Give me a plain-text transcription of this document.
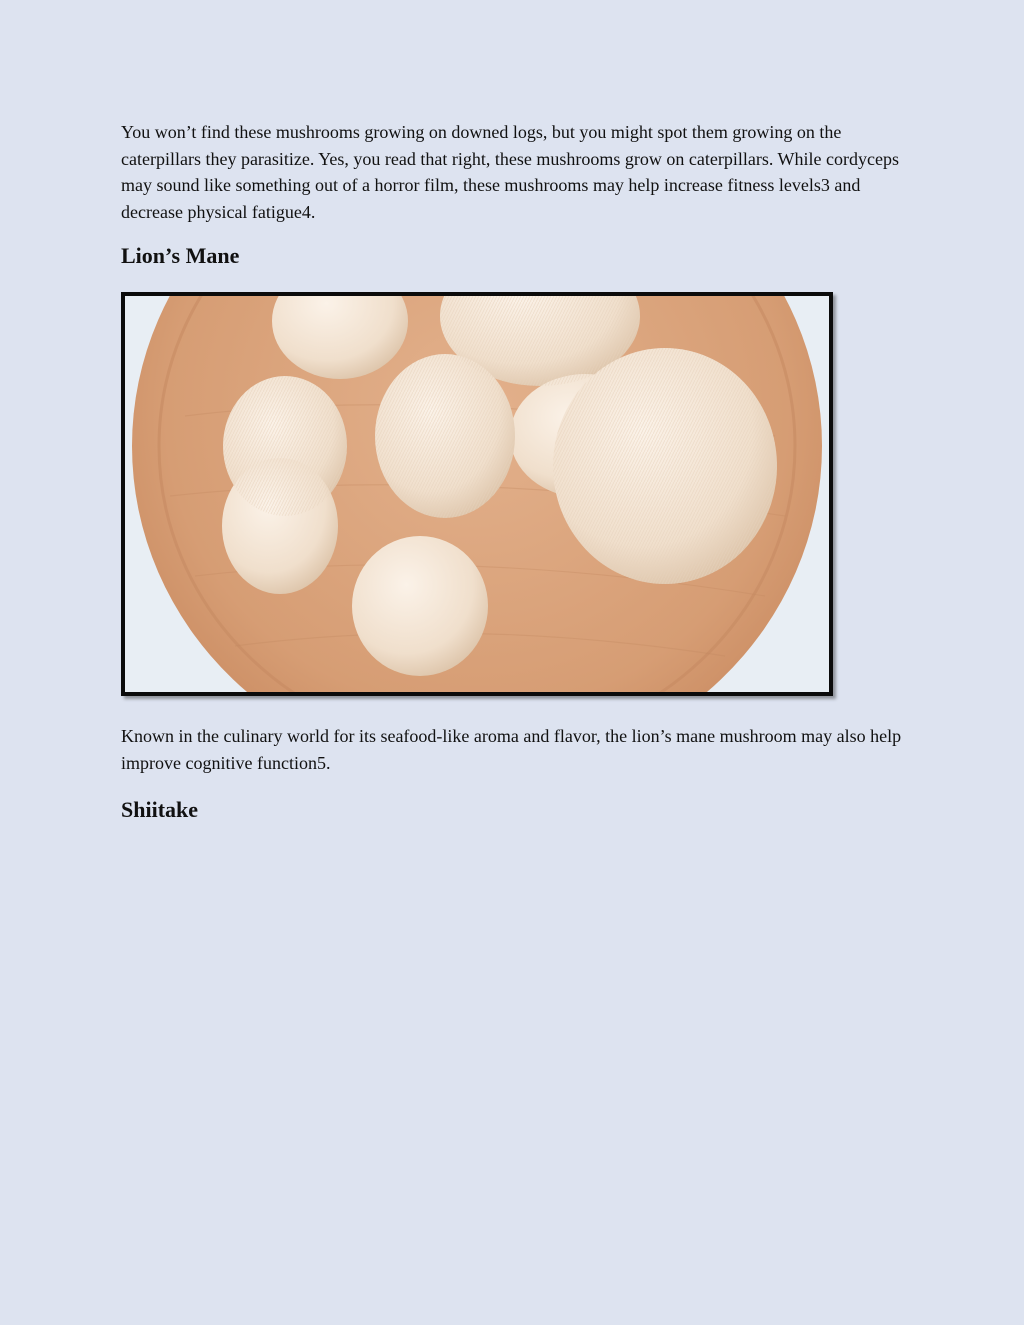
You won’t find these mushrooms growing on downed logs, but you might spot them growing on the caterpillars they parasitize. Yes, you read that right, these mushrooms grow on caterpillars. While cordyceps may sound like something out of a horror film, these mushrooms may help increase fitness levels3 and decrease physical fatigue4.

Lion’s Mane

Known in the culinary world for its seafood-like aroma and flavor, the lion’s mane mushroom may also help improve cognitive function5.

Shiitake
